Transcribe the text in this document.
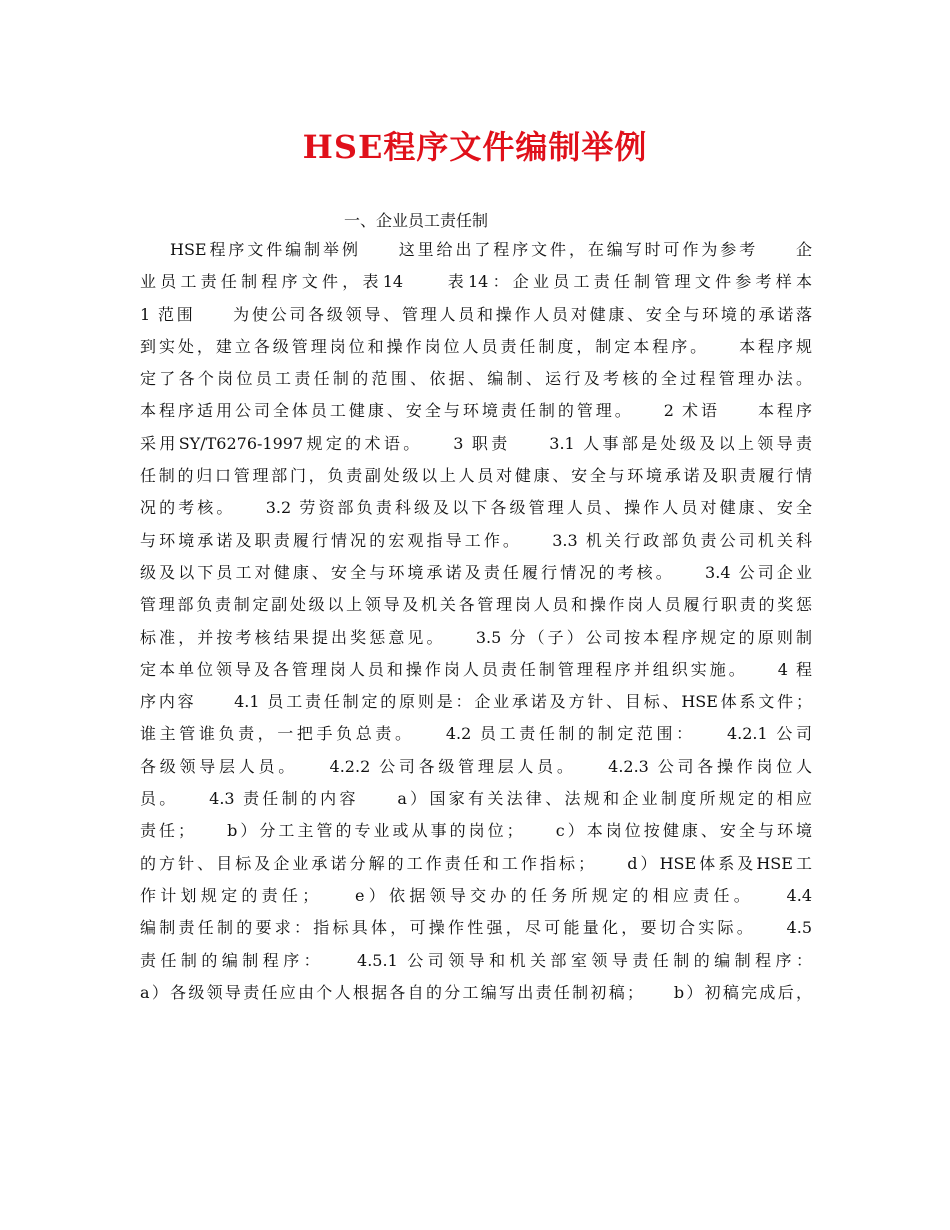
HSE程序文件编制举例
一、企业员工责任制
HSE程序文件编制举例　　这里给出了程序文件，在编写时可作为参考　　企
业员工责任制程序文件，表14　　表14：企业员工责任制管理文件参考样本
1 范围　　为使公司各级领导、管理人员和操作人员对健康、安全与环境的承诺落
到实处，建立各级管理岗位和操作岗位人员责任制度，制定本程序。　　本程序规
定了各个岗位员工责任制的范围、依据、编制、运行及考核的全过程管理办法。
本程序适用公司全体员工健康、安全与环境责任制的管理。　　2 术语　　本程序
采用SY/T6276-1997规定的术语。　　3 职责　　3.1 人事部是处级及以上领导责
任制的归口管理部门，负责副处级以上人员对健康、安全与环境承诺及职责履行情
况的考核。　　3.2 劳资部负责科级及以下各级管理人员、操作人员对健康、安全
与环境承诺及职责履行情况的宏观指导工作。　　3.3 机关行政部负责公司机关科
级及以下员工对健康、安全与环境承诺及责任履行情况的考核。　　3.4 公司企业
管理部负责制定副处级以上领导及机关各管理岗人员和操作岗人员履行职责的奖惩
标准，并按考核结果提出奖惩意见。　　3.5 分（子）公司按本程序规定的原则制
定本单位领导及各管理岗人员和操作岗人员责任制管理程序并组织实施。　　4 程
序内容　　4.1 员工责任制定的原则是：企业承诺及方针、目标、HSE体系文件；
谁主管谁负责，一把手负总责。　　4.2 员工责任制的制定范围：　　4.2.1 公司
各级领导层人员。　　4.2.2 公司各级管理层人员。　　4.2.3 公司各操作岗位人
员。　　4.3 责任制的内容　　a）国家有关法律、法规和企业制度所规定的相应
责任；　　b）分工主管的专业或从事的岗位；　　c）本岗位按健康、安全与环境
的方针、目标及企业承诺分解的工作责任和工作指标；　　d）HSE体系及HSE工
作计划规定的责任；　　e）依据领导交办的任务所规定的相应责任。　　4.4
编制责任制的要求：指标具体，可操作性强，尽可能量化，要切合实际。　　4.5
责任制的编制程序：　　4.5.1 公司领导和机关部室领导责任制的编制程序：
a）各级领导责任应由个人根据各自的分工编写出责任制初稿；　　b）初稿完成后，
